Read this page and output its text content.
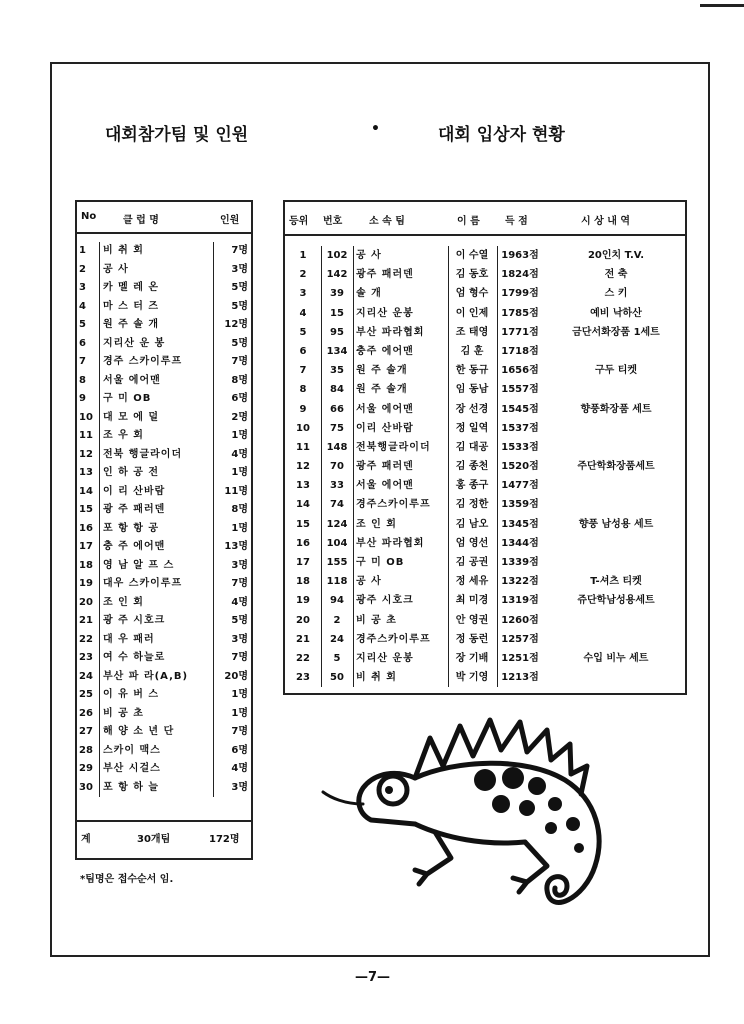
대회참가팀 및 인원	•	대회 입상자 현황
No	클 럽 명	인원
1	비 취 회	7명
2	공 사	3명
3	카 멜 레 온	5명
4	마 스 터 즈	5명
5	원 주 솔 개	12명
6	지리산 운 봉	5명
7	경주 스카이루프	7명
8	서울 에어맨	8명
9	구 미 OB	6명
10	대 모 에 덜	2명
11	조 우 회	1명
12	전북 행글라이더	4명
13	인 하 공 전	1명
14	이 리 산바람	11명
15	광 주 패러덴	8명
16	포 항 항 공	1명
17	충 주 에어맨	13명
18	영 남 알 프 스	3명
19	대우 스카이루프	7명
20	조 인 회	4명
21	광 주 시호크	5명
22	대 우 패러	3명
23	여 수 하늘로	7명
24	부산 파 라(A,B)	20명
25	이 유 버 스	1명
26	비 공 초	1명
27	해 양 소 년 단	7명
28	스카이 맥스	6명
29	부산 시걸스	4명
30	포 항 하 늘	3명
계	30개팀	172명
등위 번호	소 속 팀	이 름	득 점	시 상 내 역
1	102 공 사	이 수열	1963점	20인치 T.V.
2	142 광주 패러덴	김 동호	1824점	전 축
3	39	솔 개	엄 형수	1799점	스 키
4	15	지리산 운봉	이 인제	1785점	예비 낙하산
5	95	부산 파라협회	조 태영	1771점	금단서화장품 1세트
6	134 충주 에어맨	김 훈	1718점
7	35	원 주 솔개	한 동규	1656점	구두 티켓
8	84	원 주 솔개	임 동남	1557점
9	66	서울 에어맨	장 선경	1545점	향풍화장품 세트
10	75	이리 산바람	정 일역	1537점
11	148 전북행글라이더	김 대공	1533점
12	70	광주 패러덴	김 종천	1520점	주단학화장품세트
13	33	서울 에어맨	홍 종구	1477점
14	74	경주스카이루프	김 정한	1359점
15	124 조 인 회	김 남오	1345점	향풍 남성용 세트
16	104 부산 파라협회	엄 영선	1344점
17	155 구 미 OB	김 공권	1339점
18	118 공 사	정 세유	1322점	T-셔츠 티켓
19	94	광주 시호크	최 미경	1319점	쥬단학남성용세트
20	2	비 공 초	안 영권	1260점
21	24	경주스카이루프	정 동런	1257점
22	5	지리산 운봉	장 기배	1251점	수입 비누 세트
23	50	비 취 회	박 기영	1213점
*팀명은 접수순서 임.
—7—
